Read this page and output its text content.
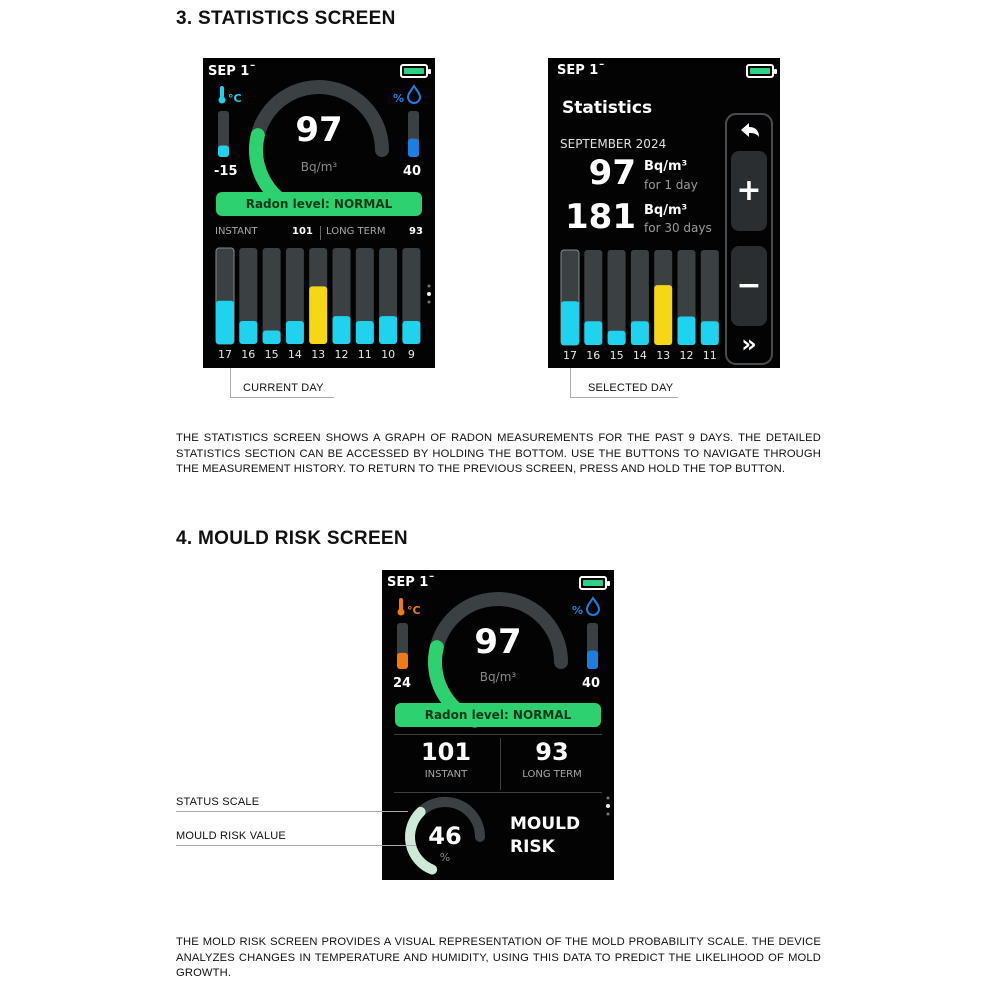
3. STATISTICS SCREEN
SEP 1ˉ
°C	%
-15	40
97
Bq/m³
Radon level: NORMAL
INSTANT	101 LONG TERM 93
17 16 15 14 13 12 11 10	9
SEP 1ˉ
Statistics
SEPTEMBER 2024
97 Bq/m³
for 1 day
181 Bq/m³
for 30 days
+
−
»
17 16 15 14 13 12 11
CURRENT DAY	SELECTED DAY
THE STATISTICS SCREEN SHOWS A GRAPH OF RADON MEASUREMENTS FOR THE PAST 9 DAYS. THE DETAILED STATISTICS SECTION CAN BE ACCESSED BY HOLDING THE BOTTOM. USE THE BUTTONS TO NAVIGATE THROUGH THE MEASUREMENT HISTORY. TO RETURN TO THE PREVIOUS SCREEN, PRESS AND HOLD THE TOP BUTTON.
4. MOULD RISK SCREEN
SEP 1ˉ
°C	%
24	40
97
Bq/m³
Radon level: NORMAL
101
INSTANT
93
LONG TERM
46
%
MOULD
RISK
STATUS SCALE
MOULD RISK VALUE
THE MOLD RISK SCREEN PROVIDES A VISUAL REPRESENTATION OF THE MOLD PROBABILITY SCALE. THE DEVICE ANALYZES CHANGES IN TEMPERATURE AND HUMIDITY, USING THIS DATA TO PREDICT THE LIKELIHOOD OF MOLD GROWTH.
